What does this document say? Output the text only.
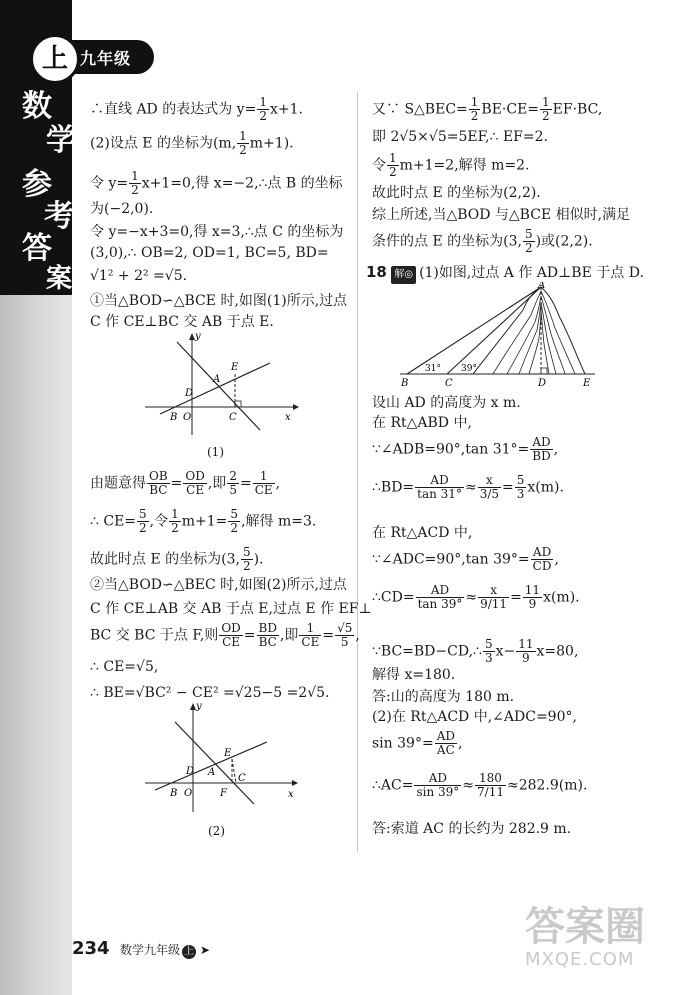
上 九年级
数
学
参
考
答
案
∴直线 AD 的表达式为 $y= \frac{1}{2} x+1$.
(2)设点 E 的坐标为(m, $\frac{1}{2} m+1$).
令 $y= \frac{1}{2} x+1=0$,得 x=−2,∴点 B 的坐标
为(−2,0).
令 y=−x+3=0,得 x=3,∴点 C 的坐标为
(3,0),∴ OB=2, OD=1, BC=5, BD=
√1² + 2² =√5.
①当△BOD∽△BCE 时,如图(1)所示,过点
C 作 CE⊥BC 交 AB 于点 E.
y
x
O
A
B	C
D
E
(1)
由题意得 $\frac{OB}{BC} = \frac{OD}{CE}$ ,即 $\frac{2}{5} = \frac{1}{CE}$ ,
∴ $CE= \frac{5}{2}$ ,令 $\frac{1}{2} m+1= \frac{5}{2}$ ,解得 m=3.
故此时点 E 的坐标为(3, $\frac{5}{2}$ ).
②当△BOD∽△BEC 时,如图(2)所示,过点
C 作 CE⊥AB 交 AB 于点 E,过点 E 作 EF⊥
BC 交 BC 于点 F,则 $\frac{OD}{CE} = \frac{BD}{BC}$ ,即 $\frac{1}{CE} = \frac{√5}{5}$ ,
∴ CE=√5,
∴ BE=√BC² − CE² =√25−5 =2√5.
y
x
O
A
B
C
D
E
F
(2)
又∵ S△BEC= $\frac{1}{2} BE\cdot CE= \frac{1}{2} EF\cdot BC$,
即 2√5×√5=5EF,∴ EF=2.
令 $\frac{1}{2} m+1=2$,解得 m=2.
故此时点 E 的坐标为(2,2).
综上所述,当△BOD 与△BCE 相似时,满足
条件的点 E 的坐标为(3, $\frac{5}{2}$ )或(2,2).
18 解◎ (1)如图,过点 A 作 AD⊥BE 于点 D.
A
B	C	D	E
31° 39°
设山 AD 的高度为 x m.
在 Rt△ABD 中,
∵∠ADB=90°,tan $31^\circ= \frac{AD}{BD}$ ,
∴BD= $\frac{AD}{\tan 31^\circ} \approx \frac{x}{3/5} = \frac{5}{3} x(m)$.
在 Rt△ACD 中,
∵∠ADC=90°,tan $39^\circ= \frac{AD}{CD}$ ,
∴CD= $\frac{AD}{\tan 39^\circ} \approx \frac{x}{9/11} = \frac{11}{9} x(m)$.
∵BC=BD−CD,∴ $\frac{5}{3} x- \frac{11}{9} x=80$,
解得 x=180.
答:山的高度为 180 m.
(2)在 Rt△ACD 中,∠ADC=90°,
$\sin 39^\circ= \frac{AD}{AC}$ ,
∴AC= $\frac{AD}{\sin 39^\circ} \approx \frac{180}{7/11} \approx 282.9(m)$.
答:索道 AC 的长约为 282.9 m.
234 数学九年级 上 ➤	答案圈
MXQE.COM
